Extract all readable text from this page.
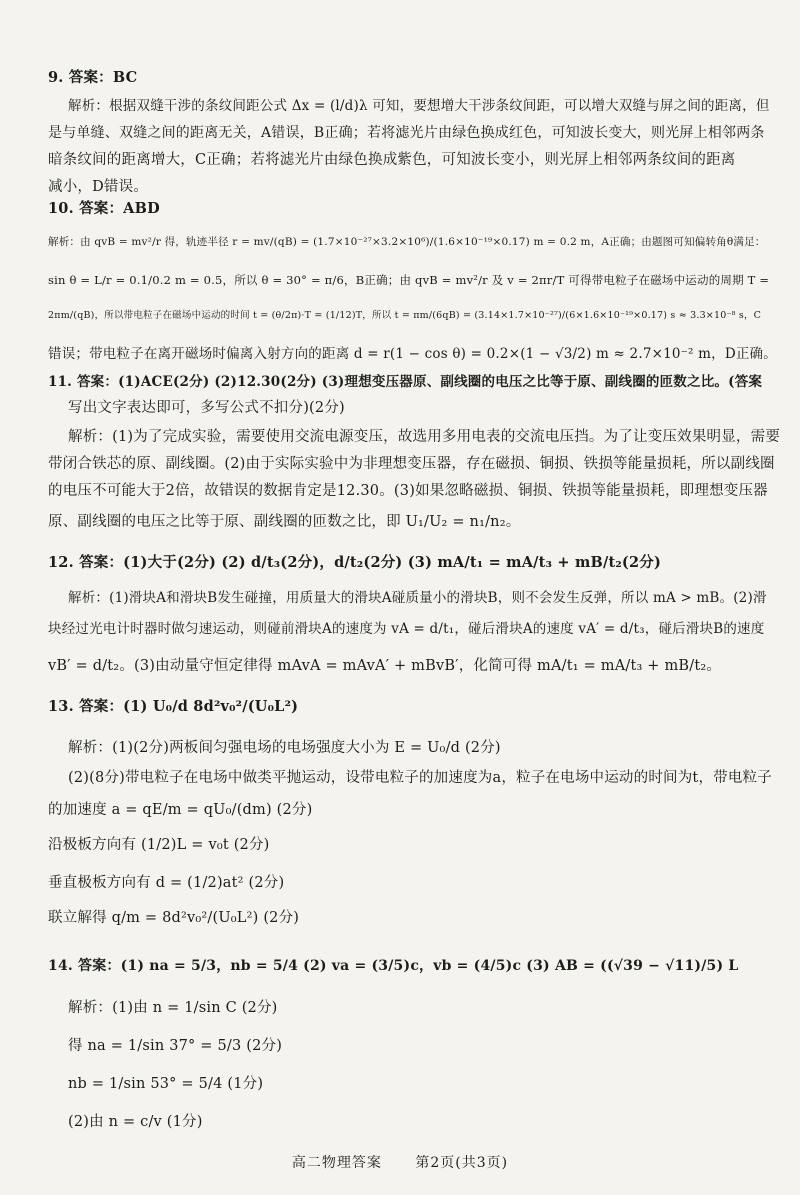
9. 答案：BC
解析：根据双缝干涉的条纹间距公式 Δx = (l/d)λ 可知，要想增大干涉条纹间距，可以增大双缝与屏之间的距离，但
是与单缝、双缝之间的距离无关，A错误，B正确；若将滤光片由绿色换成红色，可知波长变大，则光屏上相邻两条
暗条纹间的距离增大，C正确；若将滤光片由绿色换成紫色，可知波长变小，则光屏上相邻两条纹间的距离
减小，D错误。
10. 答案：ABD
解析：由 qvB = mv²/r 得，轨迹半径 r = mv/(qB) = (1.7×10⁻²⁷×3.2×10⁶)/(1.6×10⁻¹⁹×0.17) m = 0.2 m，A正确；由题图可知偏转角θ满足：
sin θ = L/r = 0.1/0.2 m = 0.5，所以 θ = 30° = π/6，B正确；由 qvB = mv²/r 及 v = 2πr/T 可得带电粒子在磁场中运动的周期 T =
2πm/(qB)，所以带电粒子在磁场中运动的时间 t = (θ/2π)·T = (1/12)T，所以 t = πm/(6qB) = (3.14×1.7×10⁻²⁷)/(6×1.6×10⁻¹⁹×0.17) s ≈ 3.3×10⁻⁸ s，C
错误；带电粒子在离开磁场时偏离入射方向的距离 d = r(1 − cos θ) = 0.2×(1 − √3/2) m ≈ 2.7×10⁻² m，D正确。
11. 答案：(1)ACE(2分) (2)12.30(2分) (3)理想变压器原、副线圈的电压之比等于原、副线圈的匝数之比。(答案
写出文字表达即可，多写公式不扣分)(2分)
解析：(1)为了完成实验，需要使用交流电源变压，故选用多用电表的交流电压挡。为了让变压效果明显，需要
带闭合铁芯的原、副线圈。(2)由于实际实验中为非理想变压器，存在磁损、铜损、铁损等能量损耗，所以副线圈
的电压不可能大于2倍，故错误的数据肯定是12.30。(3)如果忽略磁损、铜损、铁损等能量损耗，即理想变压器
原、副线圈的电压之比等于原、副线圈的匝数之比，即 U₁/U₂ = n₁/n₂。
12. 答案：(1)大于(2分) (2) d/t₃(2分)，d/t₂(2分) (3) mA/t₁ = mA/t₃ + mB/t₂(2分)
解析：(1)滑块A和滑块B发生碰撞，用质量大的滑块A碰质量小的滑块B，则不会发生反弹，所以 mA > mB。(2)滑
块经过光电计时器时做匀速运动，则碰前滑块A的速度为 vA = d/t₁，碰后滑块A的速度 vA′ = d/t₃，碰后滑块B的速度
vB′ = d/t₂。(3)由动量守恒定律得 mAvA = mAvA′ + mBvB′，化简可得 mA/t₁ = mA/t₃ + mB/t₂。
13. 答案：(1) U₀/d 8d²v₀²/(U₀L²)
解析：(1)(2分)两板间匀强电场的电场强度大小为 E = U₀/d (2分)
(2)(8分)带电粒子在电场中做类平抛运动，设带电粒子的加速度为a，粒子在电场中运动的时间为t，带电粒子
的加速度 a = qE/m = qU₀/(dm) (2分)
沿极板方向有 (1/2)L = v₀t (2分)
垂直极板方向有 d = (1/2)at² (2分)
联立解得 q/m = 8d²v₀²/(U₀L²) (2分)
14. 答案：(1) na = 5/3，nb = 5/4 (2) va = (3/5)c，vb = (4/5)c (3) AB = ((√39 − √11)/5) L
解析：(1)由 n = 1/sin C (2分)
得 na = 1/sin 37° = 5/3 (2分)
nb = 1/sin 53° = 5/4 (1分)
(2)由 n = c/v (1分)
高二物理答案 第2页(共3页)
